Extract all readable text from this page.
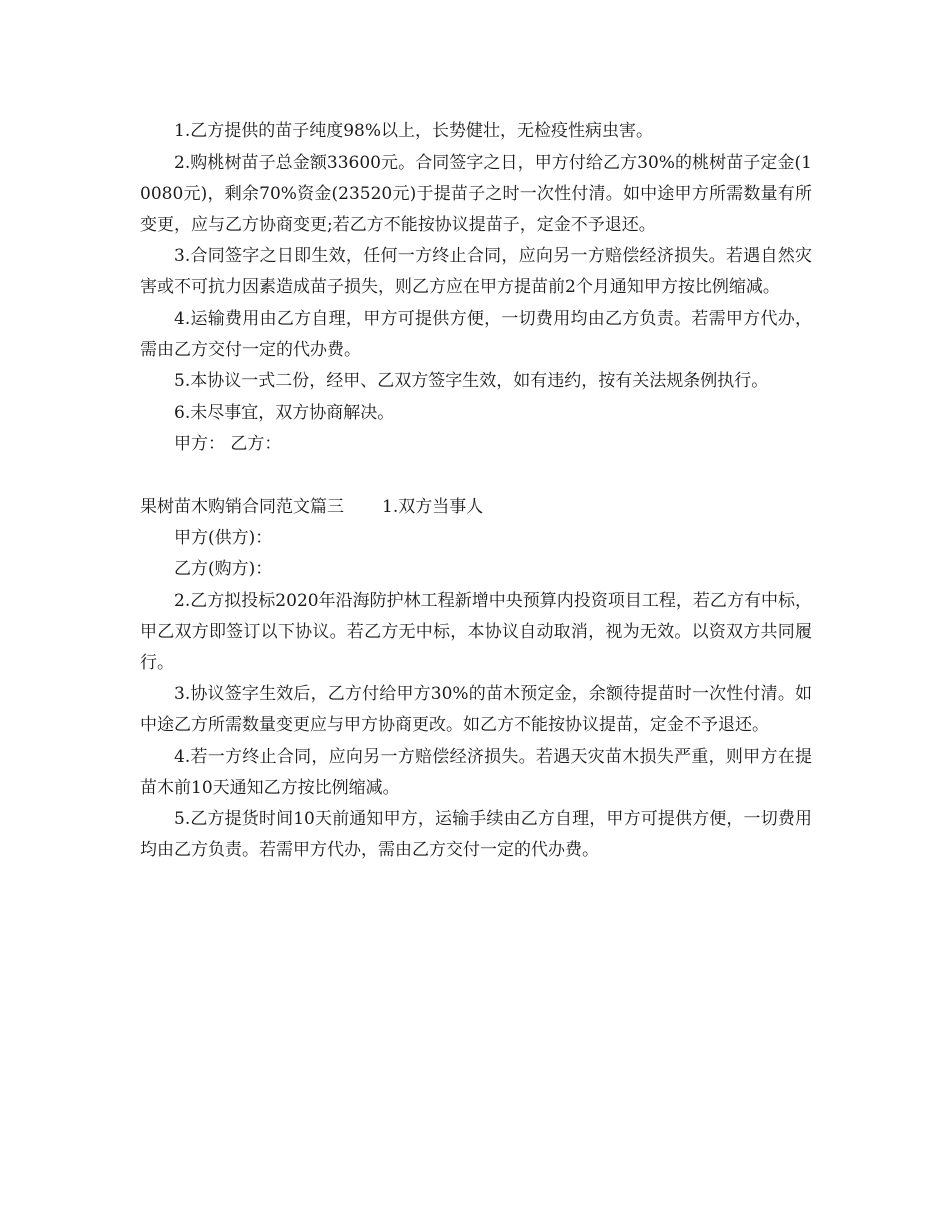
1.乙方提供的苗子纯度98%以上，长势健壮，无检疫性病虫害。

2.购桃树苗子总金额33600元。合同签字之日，甲方付给乙方30%的桃树苗子定金(10080元)，剩余70%资金(23520元)于提苗子之时一次性付清。如中途甲方所需数量有所变更，应与乙方协商变更;若乙方不能按协议提苗子，定金不予退还。

3.合同签字之日即生效，任何一方终止合同，应向另一方赔偿经济损失。若遇自然灾害或不可抗力因素造成苗子损失，则乙方应在甲方提苗前2个月通知甲方按比例缩减。

4.运输费用由乙方自理，甲方可提供方便，一切费用均由乙方负责。若需甲方代办，需由乙方交付一定的代办费。

5.本协议一式二份，经甲、乙双方签字生效，如有违约，按有关法规条例执行。

6.未尽事宜，双方协商解决。

甲方： 乙方：

果树苗木购销合同范文篇三 1.双方当事人

甲方(供方)：

乙方(购方)：

2.乙方拟投标2020年沿海防护林工程新增中央预算内投资项目工程，若乙方有中标，甲乙双方即签订以下协议。若乙方无中标，本协议自动取消，视为无效。以资双方共同履行。

3.协议签字生效后，乙方付给甲方30%的苗木预定金，余额待提苗时一次性付清。如中途乙方所需数量变更应与甲方协商更改。如乙方不能按协议提苗，定金不予退还。

4.若一方终止合同，应向另一方赔偿经济损失。若遇天灾苗木损失严重，则甲方在提苗木前10天通知乙方按比例缩减。

5.乙方提货时间10天前通知甲方，运输手续由乙方自理，甲方可提供方便，一切费用均由乙方负责。若需甲方代办，需由乙方交付一定的代办费。
